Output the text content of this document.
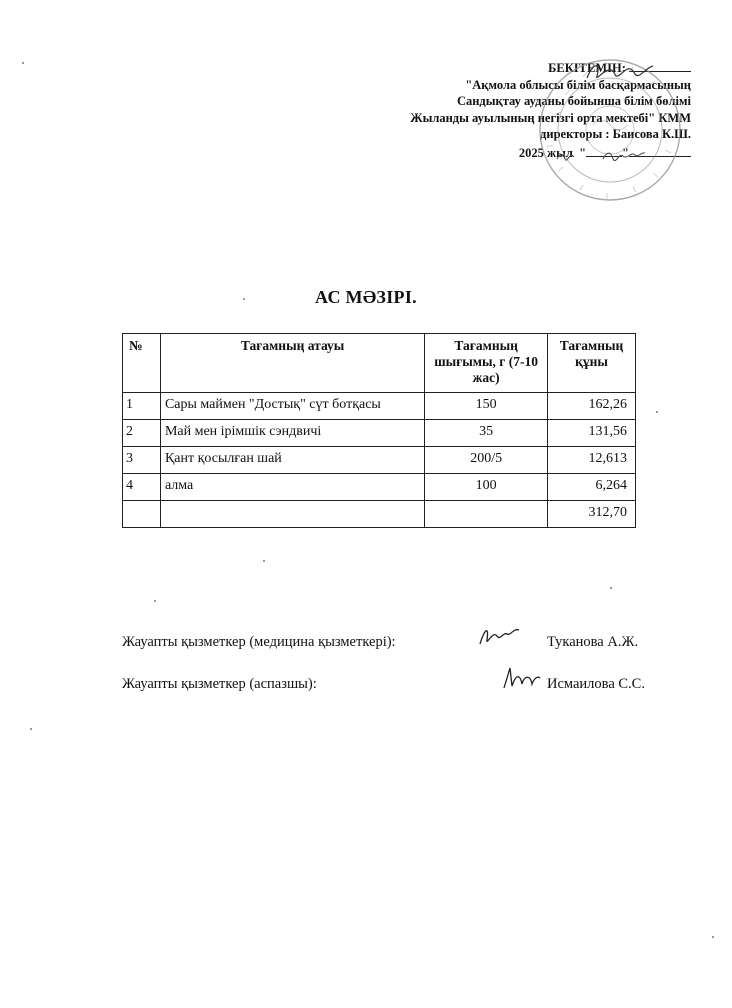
БЕКІТЕМІН:
"Ақмола облысы білім басқармасының
Сандықтау ауданы бойынша білім бөлімі
Жыланды ауылының негізгі орта мектебі" КММ
директоры : Баисова К.Ш.
2025 жыл "	"
АС МӘЗІРІ.
№	Тағамның атауы	Тағамның шығымы, г (7-10 жас)	Тағамның құны
1	Сары маймен "Достық" сүт ботқасы	150	162,26
2	Май мен ірімшік сэндвичі	35	131,56
3	Қант қосылған шай	200/5	12,613
4	алма	100	6,264
			312,70
Жауапты қызметкер (медицина қызметкері):	Туканова А.Ж.
Жауапты қызметкер (аспазшы):	Исмаилова С.С.
